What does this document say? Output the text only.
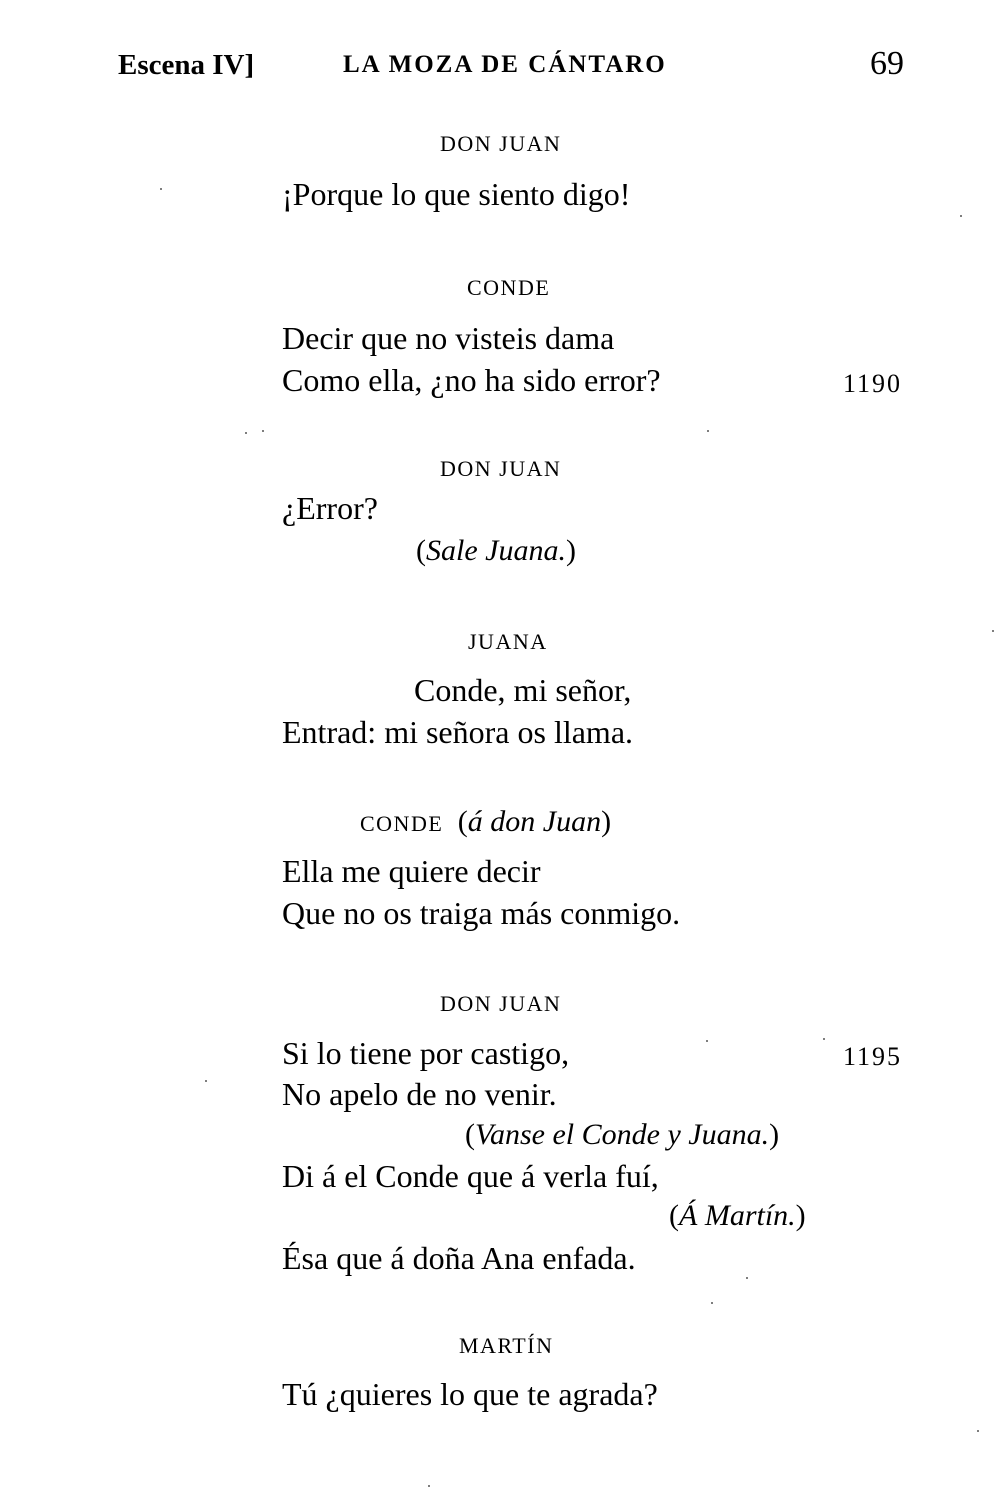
Escena IV]	LA MOZA DE CÁNTARO	69
DON JUAN
¡Porque lo que siento digo!
CONDE
Decir que no visteis dama
Como ella, ¿no ha sido error?	1190
DON JUAN
¿Error?
(Sale Juana.)
JUANA
Conde, mi señor,
Entrad: mi señora os llama.
CONDE (á don Juan)
Ella me quiere decir
Que no os traiga más conmigo.
DON JUAN
Si lo tiene por castigo,	1195
No apelo de no venir.
(Vanse el Conde y Juana.)
Di á el Conde que á verla fuí,
(Á Martín.)
Ésa que á doña Ana enfada.
MARTÍN
Tú ¿quieres lo que te agrada?
